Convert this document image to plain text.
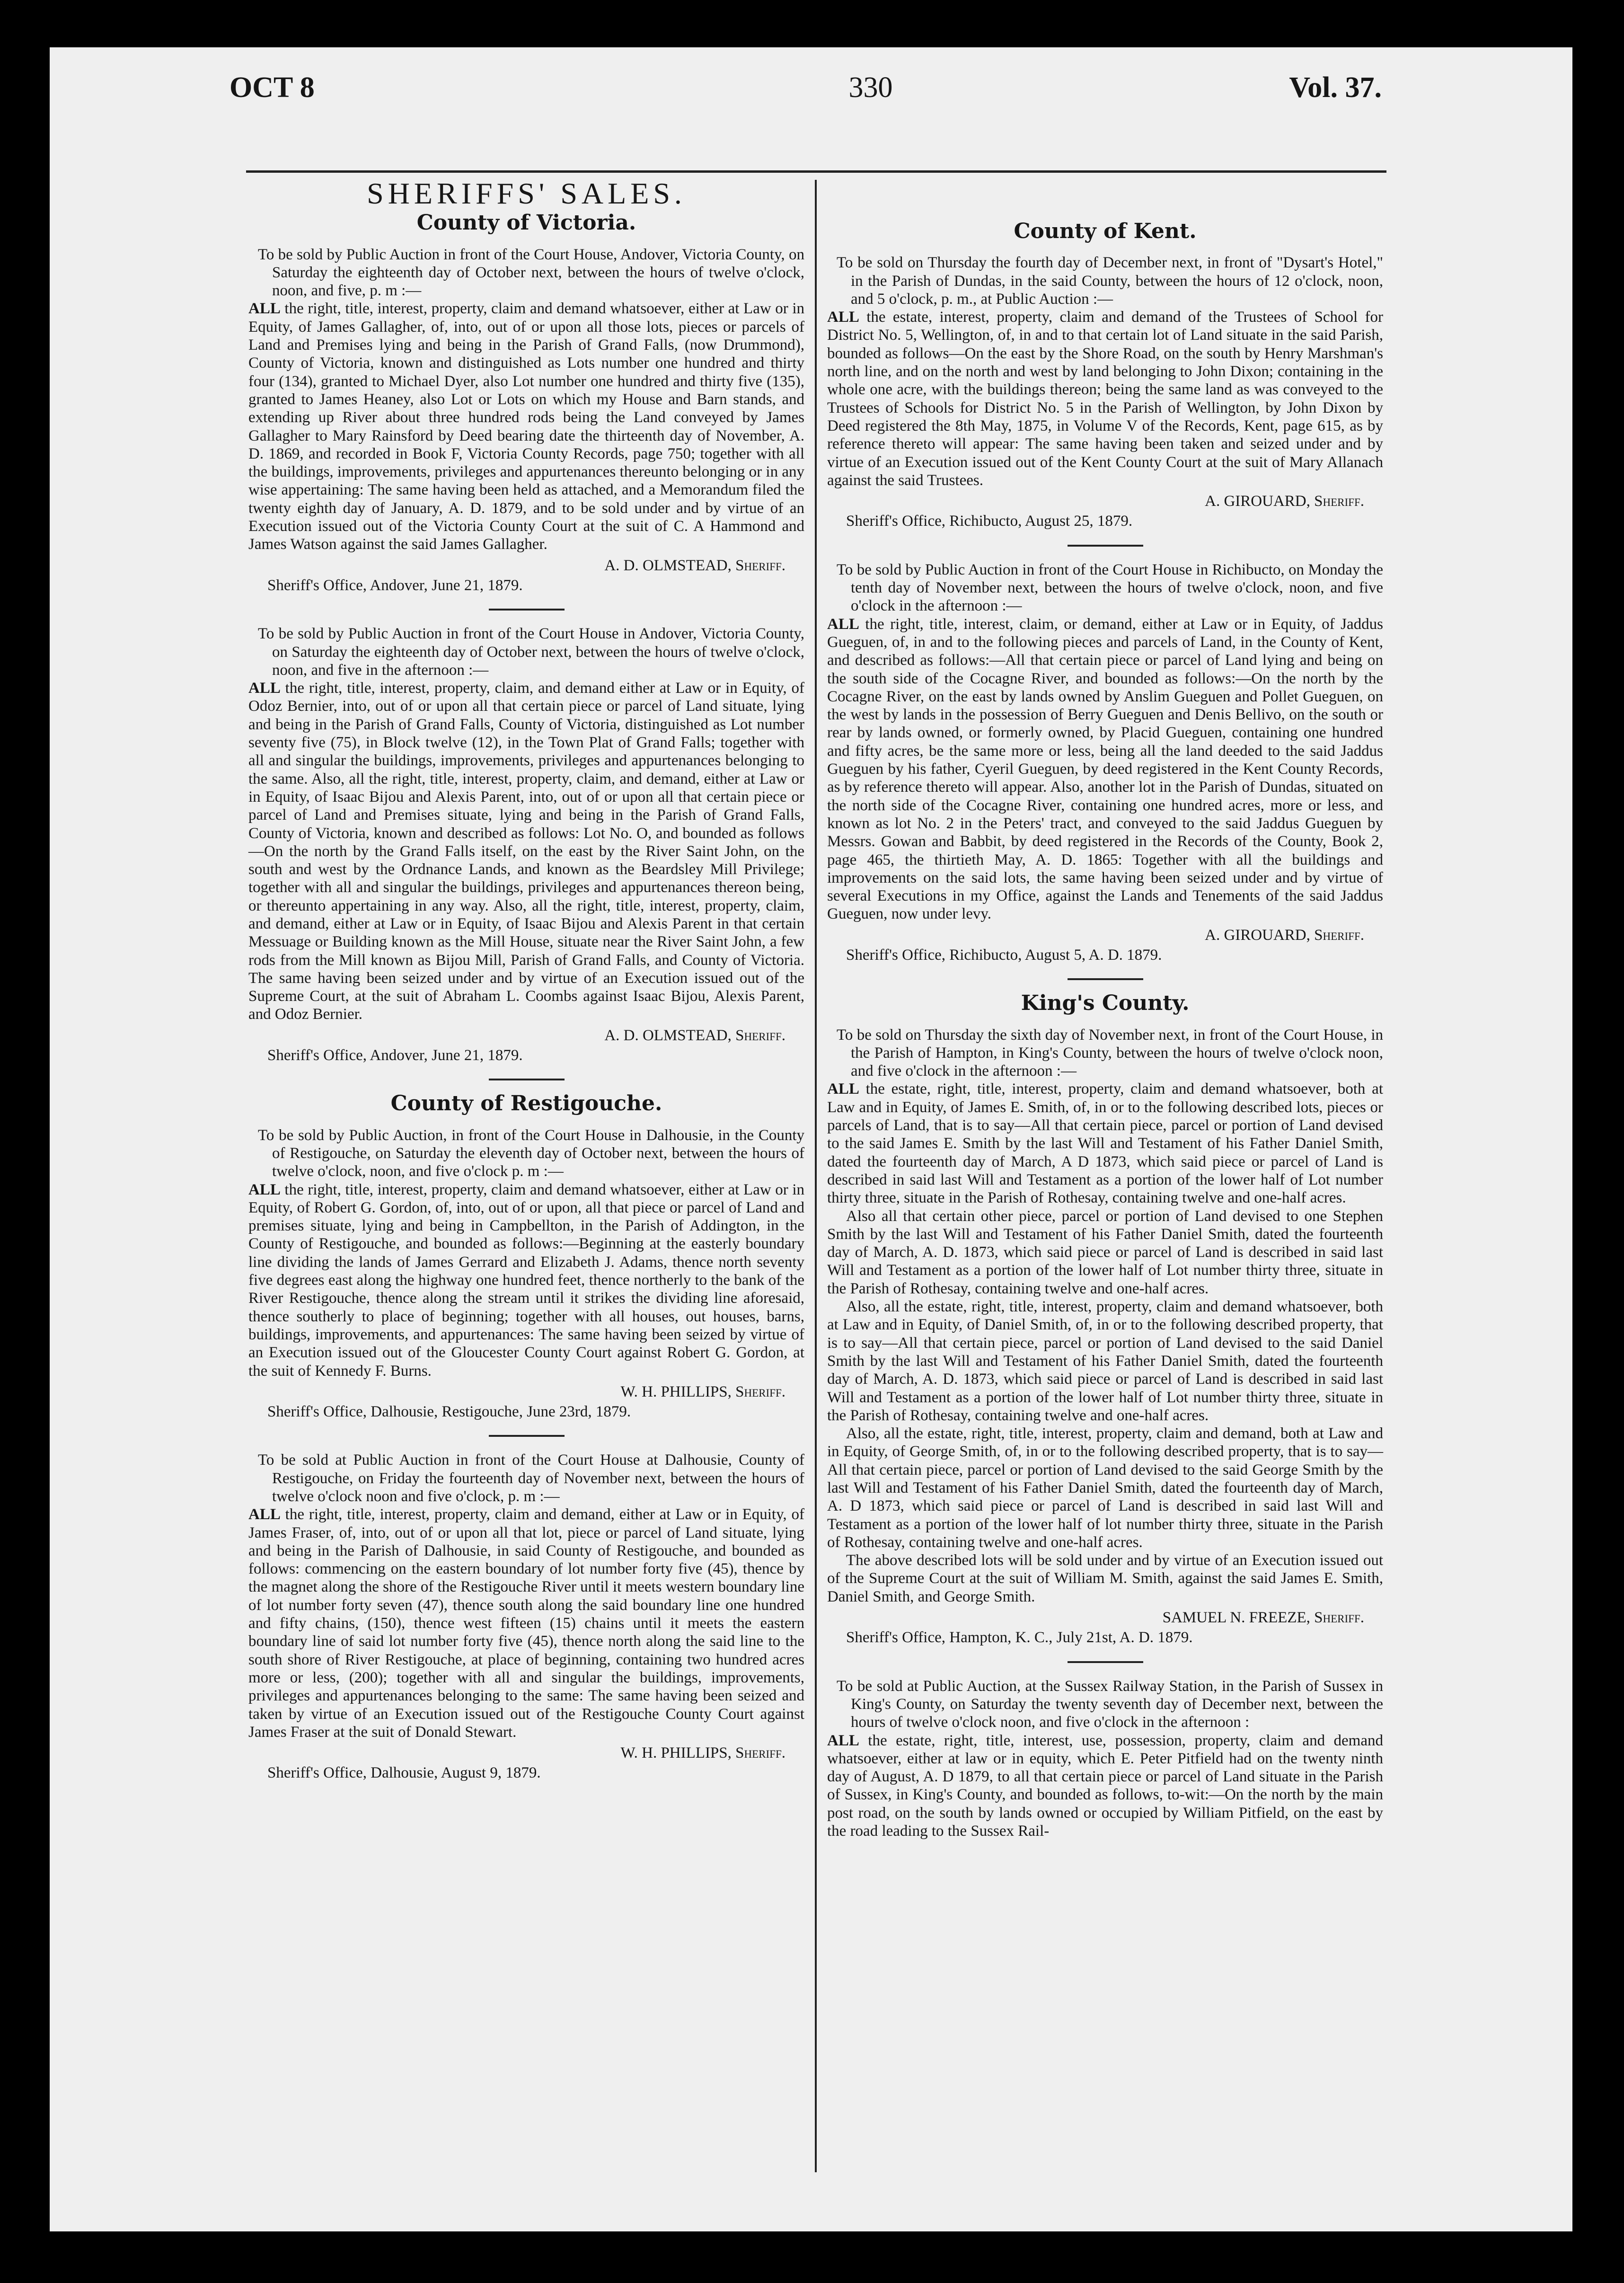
OCT 8	330	Vol. 37.
SHERIFFS' SALES.
County of Victoria.

To be sold by Public Auction in front of the Court House, Andover, Victoria County, on Saturday the eighteenth day of October next, between the hours of twelve o'clock, noon, and five, p. m :—

ALL the right, title, interest, property, claim and demand whatsoever, either at Law or in Equity, of James Gallagher, of, into, out of or upon all those lots, pieces or parcels of Land and Premises lying and being in the Parish of Grand Falls, (now Drummond), County of Victoria, known and distinguished as Lots number one hundred and thirty four (134), granted to Michael Dyer, also Lot number one hundred and thirty five (135), granted to James Heaney, also Lot or Lots on which my House and Barn stands, and extending up River about three hundred rods being the Land conveyed by James Gallagher to Mary Rainsford by Deed bearing date the thirteenth day of November, A. D. 1869, and recorded in Book F, Victoria County Records, page 750; together with all the buildings, improvements, privileges and appurtenances thereunto belonging or in any wise appertaining: The same having been held as attached, and a Memorandum filed the twenty eighth day of January, A. D. 1879, and to be sold under and by virtue of an Execution issued out of the Victoria County Court at the suit of C. A Hammond and James Watson against the said James Gallagher.

A. D. OLMSTEAD, Sheriff.
Sheriff's Office, Andover, June 21, 1879.

To be sold by Public Auction in front of the Court House in Andover, Victoria County, on Saturday the eighteenth day of October next, between the hours of twelve o'clock, noon, and five in the afternoon :—

ALL the right, title, interest, property, claim, and demand either at Law or in Equity, of Odoz Bernier, into, out of or upon all that certain piece or parcel of Land situate, lying and being in the Parish of Grand Falls, County of Victoria, distinguished as Lot number seventy five (75), in Block twelve (12), in the Town Plat of Grand Falls; together with all and singular the buildings, improvements, privileges and appurtenances belonging to the same. Also, all the right, title, interest, property, claim, and demand, either at Law or in Equity, of Isaac Bijou and Alexis Parent, into, out of or upon all that certain piece or parcel of Land and Premises situate, lying and being in the Parish of Grand Falls, County of Victoria, known and described as follows: Lot No. O, and bounded as follows—On the north by the Grand Falls itself, on the east by the River Saint John, on the south and west by the Ordnance Lands, and known as the Beardsley Mill Privilege; together with all and singular the buildings, privileges and appurtenances thereon being, or thereunto appertaining in any way. Also, all the right, title, interest, property, claim, and demand, either at Law or in Equity, of Isaac Bijou and Alexis Parent in that certain Messuage or Building known as the Mill House, situate near the River Saint John, a few rods from the Mill known as Bijou Mill, Parish of Grand Falls, and County of Victoria. The same having been seized under and by virtue of an Execution issued out of the Supreme Court, at the suit of Abraham L. Coombs against Isaac Bijou, Alexis Parent, and Odoz Bernier.

A. D. OLMSTEAD, Sheriff.
Sheriff's Office, Andover, June 21, 1879.
County of Restigouche.

To be sold by Public Auction, in front of the Court House in Dalhousie, in the County of Restigouche, on Saturday the eleventh day of October next, between the hours of twelve o'clock, noon, and five o'clock p. m :—

ALL the right, title, interest, property, claim and demand whatsoever, either at Law or in Equity, of Robert G. Gordon, of, into, out of or upon, all that piece or parcel of Land and premises situate, lying and being in Campbellton, in the Parish of Addington, in the County of Restigouche, and bounded as follows:—Beginning at the easterly boundary line dividing the lands of James Gerrard and Elizabeth J. Adams, thence north seventy five degrees east along the highway one hundred feet, thence northerly to the bank of the River Restigouche, thence along the stream until it strikes the dividing line aforesaid, thence southerly to place of beginning; together with all houses, out houses, barns, buildings, improvements, and appurtenances: The same having been seized by virtue of an Execution issued out of the Gloucester County Court against Robert G. Gordon, at the suit of Kennedy F. Burns.

W. H. PHILLIPS, Sheriff.
Sheriff's Office, Dalhousie, Restigouche, June 23rd, 1879.

To be sold at Public Auction in front of the Court House at Dalhousie, County of Restigouche, on Friday the fourteenth day of November next, between the hours of twelve o'clock noon and five o'clock, p. m :—

ALL the right, title, interest, property, claim and demand, either at Law or in Equity, of James Fraser, of, into, out of or upon all that lot, piece or parcel of Land situate, lying and being in the Parish of Dalhousie, in said County of Restigouche, and bounded as follows: commencing on the eastern boundary of lot number forty five (45), thence by the magnet along the shore of the Restigouche River until it meets western boundary line of lot number forty seven (47), thence south along the said boundary line one hundred and fifty chains, (150), thence west fifteen (15) chains until it meets the eastern boundary line of said lot number forty five (45), thence north along the said line to the south shore of River Restigouche, at place of beginning, containing two hundred acres more or less, (200); together with all and singular the buildings, improvements, privileges and appurtenances belonging to the same: The same having been seized and taken by virtue of an Execution issued out of the Restigouche County Court against James Fraser at the suit of Donald Stewart.

W. H. PHILLIPS, Sheriff.
Sheriff's Office, Dalhousie, August 9, 1879.
County of Kent.

To be sold on Thursday the fourth day of December next, in front of "Dysart's Hotel," in the Parish of Dundas, in the said County, between the hours of 12 o'clock, noon, and 5 o'clock, p. m., at Public Auction :—

ALL the estate, interest, property, claim and demand of the Trustees of School for District No. 5, Wellington, of, in and to that certain lot of Land situate in the said Parish, bounded as follows—On the east by the Shore Road, on the south by Henry Marshman's north line, and on the north and west by land belonging to John Dixon; containing in the whole one acre, with the buildings thereon; being the same land as was conveyed to the Trustees of Schools for District No. 5 in the Parish of Wellington, by John Dixon by Deed registered the 8th May, 1875, in Volume V of the Records, Kent, page 615, as by reference thereto will appear: The same having been taken and seized under and by virtue of an Execution issued out of the Kent County Court at the suit of Mary Allanach against the said Trustees.

A. GIROUARD, Sheriff.
Sheriff's Office, Richibucto, August 25, 1879.

To be sold by Public Auction in front of the Court House in Richibucto, on Monday the tenth day of November next, between the hours of twelve o'clock, noon, and five o'clock in the afternoon :—

ALL the right, title, interest, claim, or demand, either at Law or in Equity, of Jaddus Gueguen, of, in and to the following pieces and parcels of Land, in the County of Kent, and described as follows:—All that certain piece or parcel of Land lying and being on the south side of the Cocagne River, and bounded as follows:—On the north by the Cocagne River, on the east by lands owned by Anslim Gueguen and Pollet Gueguen, on the west by lands in the possession of Berry Gueguen and Denis Bellivo, on the south or rear by lands owned, or formerly owned, by Placid Gueguen, containing one hundred and fifty acres, be the same more or less, being all the land deeded to the said Jaddus Gueguen by his father, Cyeril Gueguen, by deed registered in the Kent County Records, as by reference thereto will appear. Also, another lot in the Parish of Dundas, situated on the north side of the Cocagne River, containing one hundred acres, more or less, and known as lot No. 2 in the Peters' tract, and conveyed to the said Jaddus Gueguen by Messrs. Gowan and Babbit, by deed registered in the Records of the County, Book 2, page 465, the thirtieth May, A. D. 1865: Together with all the buildings and improvements on the said lots, the same having been seized under and by virtue of several Executions in my Office, against the Lands and Tenements of the said Jaddus Gueguen, now under levy.

A. GIROUARD, Sheriff.
Sheriff's Office, Richibucto, August 5, A. D. 1879.
King's County.

To be sold on Thursday the sixth day of November next, in front of the Court House, in the Parish of Hampton, in King's County, between the hours of twelve o'clock noon, and five o'clock in the afternoon :—

ALL the estate, right, title, interest, property, claim and demand whatsoever, both at Law and in Equity, of James E. Smith, of, in or to the following described lots, pieces or parcels of Land, that is to say—All that certain piece, parcel or portion of Land devised to the said James E. Smith by the last Will and Testament of his Father Daniel Smith, dated the fourteenth day of March, A D 1873, which said piece or parcel of Land is described in said last Will and Testament as a portion of the lower half of Lot number thirty three, situate in the Parish of Rothesay, containing twelve and one-half acres.

Also all that certain other piece, parcel or portion of Land devised to one Stephen Smith by the last Will and Testament of his Father Daniel Smith, dated the fourteenth day of March, A. D. 1873, which said piece or parcel of Land is described in said last Will and Testament as a portion of the lower half of Lot number thirty three, situate in the Parish of Rothesay, containing twelve and one-half acres.

Also, all the estate, right, title, interest, property, claim and demand whatsoever, both at Law and in Equity, of Daniel Smith, of, in or to the following described property, that is to say—All that certain piece, parcel or portion of Land devised to the said Daniel Smith by the last Will and Testament of his Father Daniel Smith, dated the fourteenth day of March, A. D. 1873, which said piece or parcel of Land is described in said last Will and Testament as a portion of the lower half of Lot number thirty three, situate in the Parish of Rothesay, containing twelve and one-half acres.

Also, all the estate, right, title, interest, property, claim and demand, both at Law and in Equity, of George Smith, of, in or to the following described property, that is to say—All that certain piece, parcel or portion of Land devised to the said George Smith by the last Will and Testament of his Father Daniel Smith, dated the fourteenth day of March, A. D 1873, which said piece or parcel of Land is described in said last Will and Testament as a portion of the lower half of lot number thirty three, situate in the Parish of Rothesay, containing twelve and one-half acres.

The above described lots will be sold under and by virtue of an Execution issued out of the Supreme Court at the suit of William M. Smith, against the said James E. Smith, Daniel Smith, and George Smith.

SAMUEL N. FREEZE, Sheriff.
Sheriff's Office, Hampton, K. C., July 21st, A. D. 1879.

To be sold at Public Auction, at the Sussex Railway Station, in the Parish of Sussex in King's County, on Saturday the twenty seventh day of December next, between the hours of twelve o'clock noon, and five o'clock in the afternoon :

ALL the estate, right, title, interest, use, possession, property, claim and demand whatsoever, either at law or in equity, which E. Peter Pitfield had on the twenty ninth day of August, A. D 1879, to all that certain piece or parcel of Land situate in the Parish of Sussex, in King's County, and bounded as follows, to-wit:—On the north by the main post road, on the south by lands owned or occupied by William Pitfield, on the east by the road leading to the Sussex Rail-
